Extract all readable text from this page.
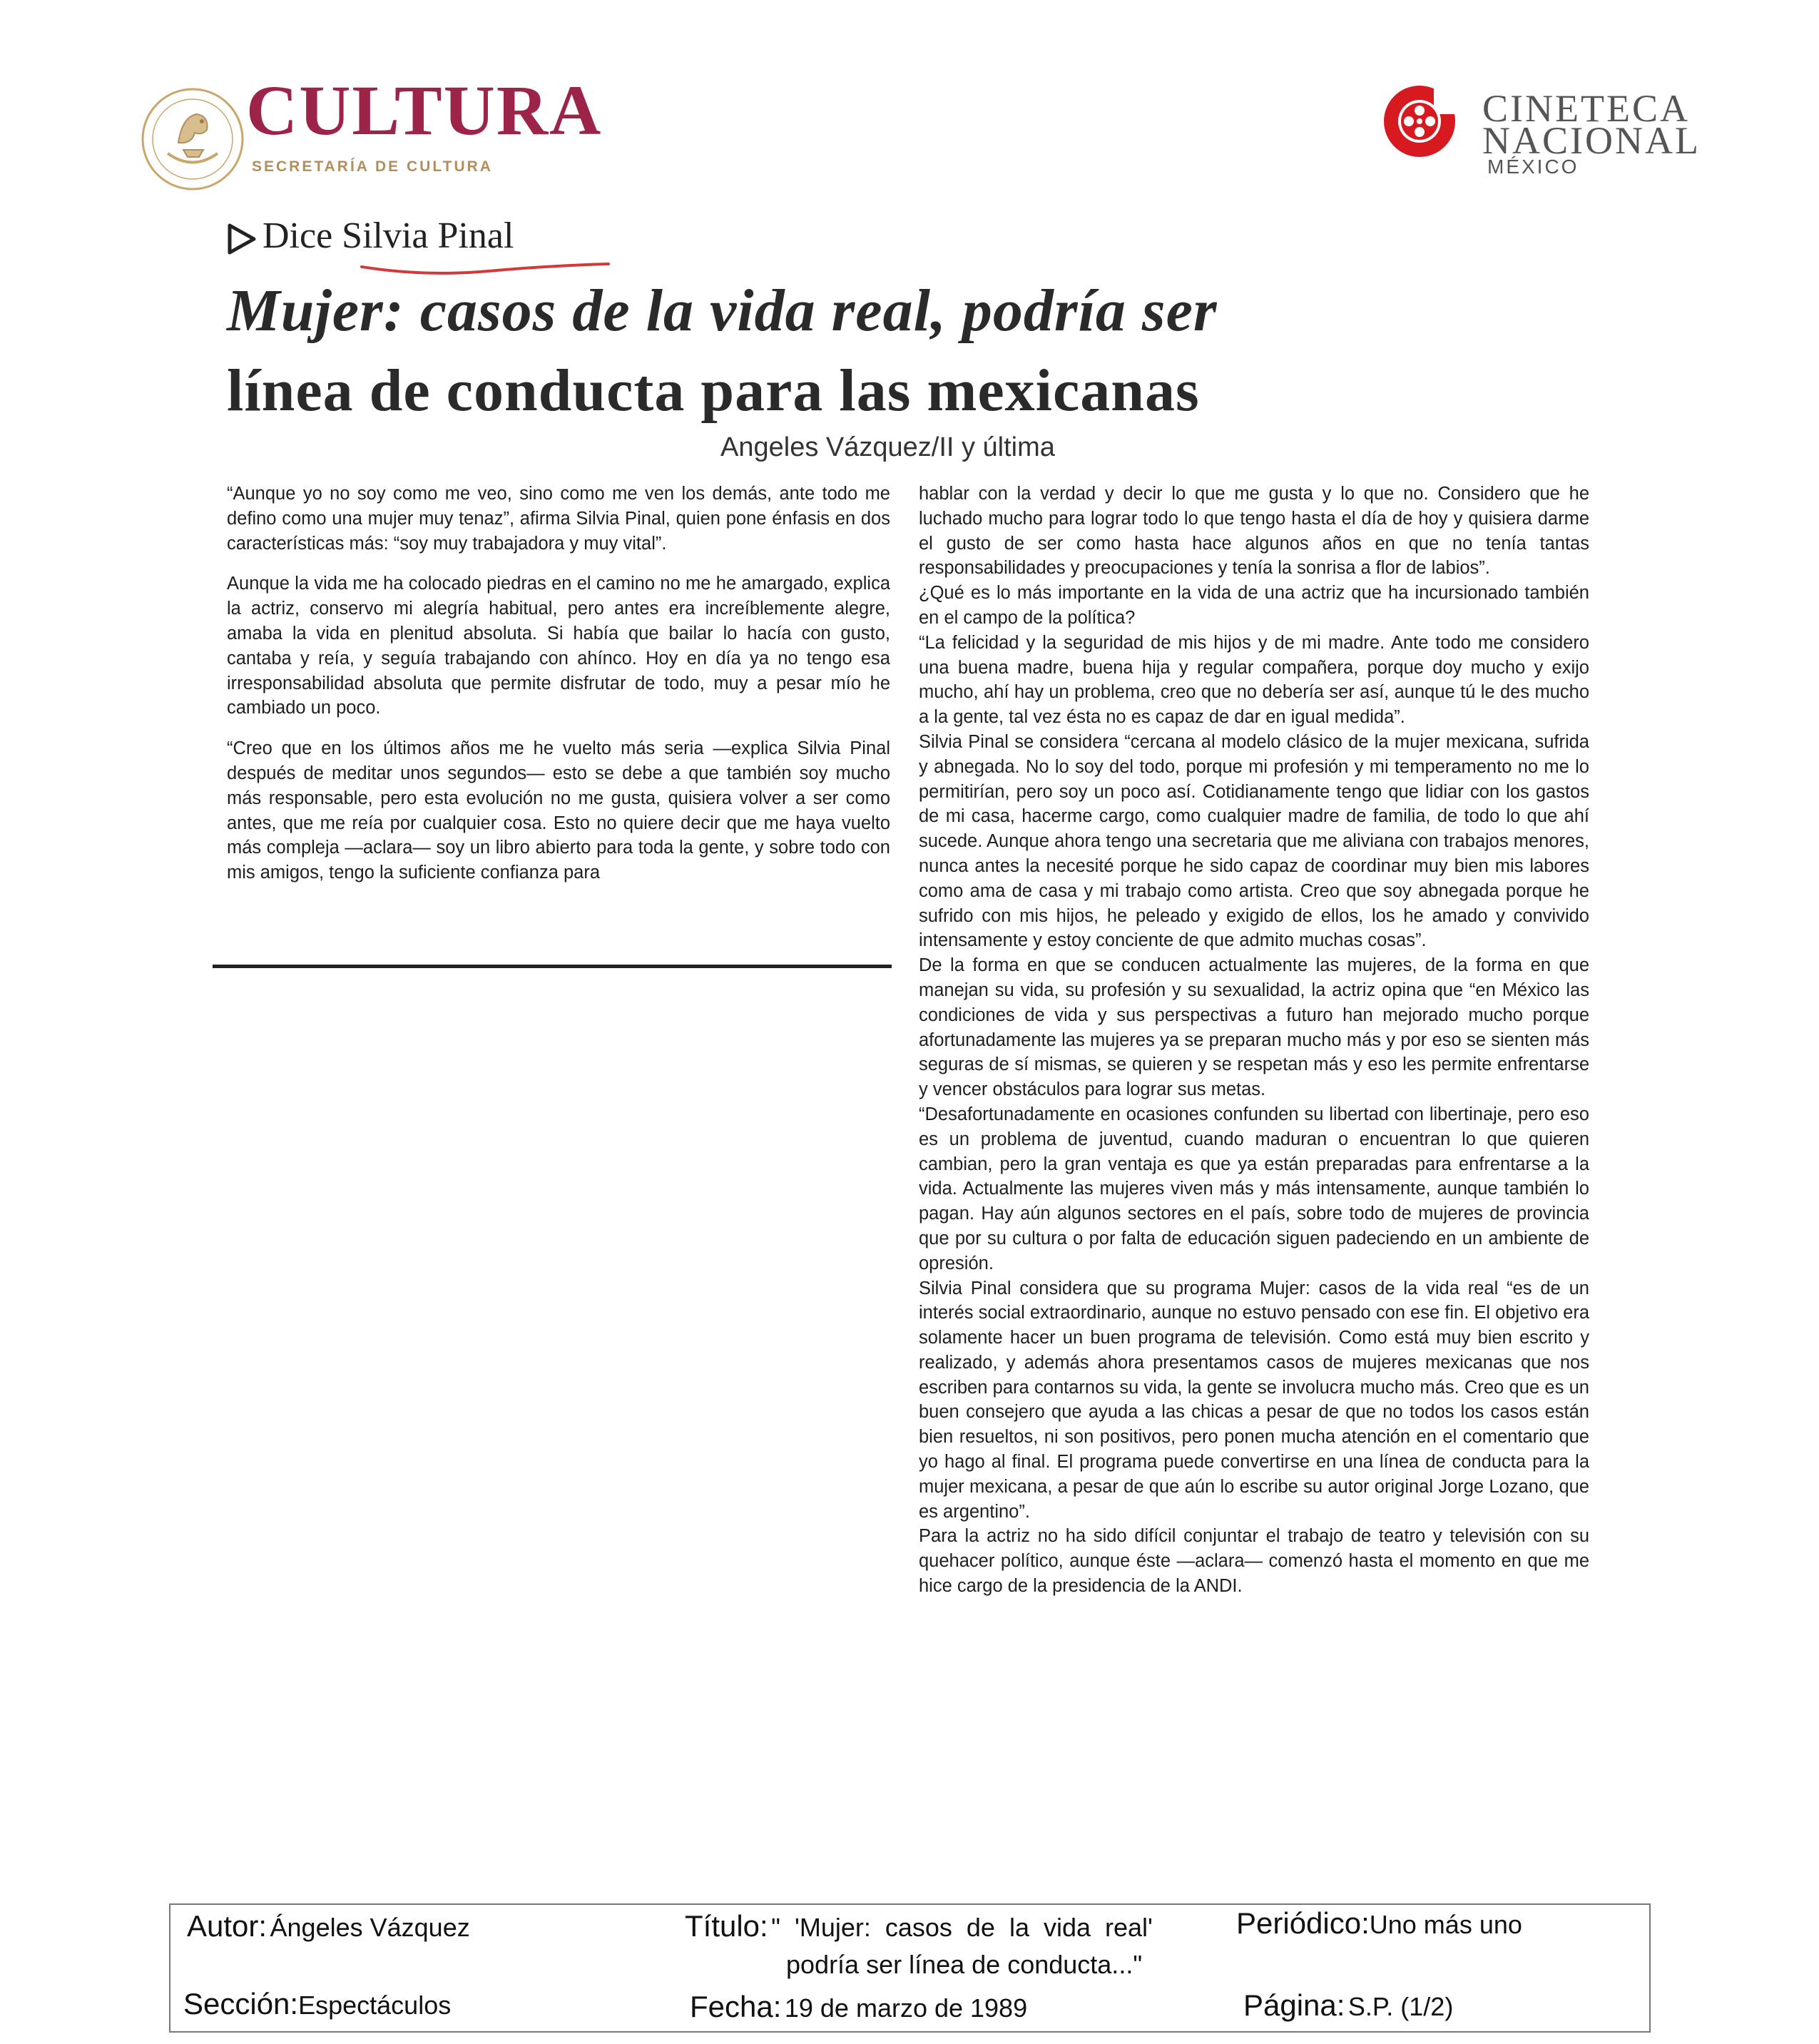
CULTURA
SECRETARÍA DE CULTURA
CINETECA
NACIONAL
MÉXICO
Dice Silvia Pinal
Mujer: casos de la vida real, podría ser
línea de conducta para las mexicanas
Angeles Vázquez/II y última

“Aunque yo no soy como me veo, sino como me ven los demás, ante todo me defino como una mujer muy tenaz”, afirma Silvia Pinal, quien pone énfasis en dos características más: “soy muy trabajadora y muy vital”.

Aunque la vida me ha colocado piedras en el camino no me he amargado, explica la actriz, conservo mi alegría habitual, pero antes era increíblemente alegre, amaba la vida en plenitud absoluta. Si había que bailar lo hacía con gusto, cantaba y reía, y seguía trabajando con ahínco. Hoy en día ya no tengo esa irresponsabilidad absoluta que permite disfrutar de todo, muy a pesar mío he cambiado un poco.

“Creo que en los últimos años me he vuelto más seria —explica Silvia Pinal después de meditar unos segundos— esto se debe a que también soy mucho más responsable, pero esta evolución no me gusta, quisiera volver a ser como antes, que me reía por cualquier cosa. Esto no quiere decir que me haya vuelto más compleja —aclara— soy un libro abierto para toda la gente, y sobre todo con mis amigos, tengo la suficiente confianza para

hablar con la verdad y decir lo que me gusta y lo que no. Considero que he luchado mucho para lograr todo lo que tengo hasta el día de hoy y quisiera darme el gusto de ser como hasta hace algunos años en que no tenía tantas responsabilidades y preocupaciones y tenía la sonrisa a flor de labios”.

¿Qué es lo más importante en la vida de una actriz que ha incursionado también en el campo de la política?

“La felicidad y la seguridad de mis hijos y de mi madre. Ante todo me considero una buena madre, buena hija y regular compañera, porque doy mucho y exijo mucho, ahí hay un problema, creo que no debería ser así, aunque tú le des mucho a la gente, tal vez ésta no es capaz de dar en igual medida”.

Silvia Pinal se considera “cercana al modelo clásico de la mujer mexicana, sufrida y abnegada. No lo soy del todo, porque mi profesión y mi temperamento no me lo permitirían, pero soy un poco así. Cotidianamente tengo que lidiar con los gastos de mi casa, hacerme cargo, como cualquier madre de familia, de todo lo que ahí sucede. Aunque ahora tengo una secretaria que me aliviana con trabajos menores, nunca antes la necesité porque he sido capaz de coordinar muy bien mis labores como ama de casa y mi trabajo como artista. Creo que soy abnegada porque he sufrido con mis hijos, he peleado y exigido de ellos, los he amado y convivido intensamente y estoy conciente de que admito muchas cosas”.

De la forma en que se conducen actualmente las mujeres, de la forma en que manejan su vida, su profesión y su sexualidad, la actriz opina que “en México las condiciones de vida y sus perspectivas a futuro han mejorado mucho porque afortunadamente las mujeres ya se preparan mucho más y por eso se sienten más seguras de sí mismas, se quieren y se respetan más y eso les permite enfrentarse y vencer obstáculos para lograr sus metas.

“Desafortunadamente en ocasiones confunden su libertad con libertinaje, pero eso es un problema de juventud, cuando maduran o encuentran lo que quieren cambian, pero la gran ventaja es que ya están preparadas para enfrentarse a la vida. Actualmente las mujeres viven más y más intensamente, aunque también lo pagan. Hay aún algunos sectores en el país, sobre todo de mujeres de provincia que por su cultura o por falta de educación siguen padeciendo en un ambiente de opresión.

Silvia Pinal considera que su programa Mujer: casos de la vida real “es de un interés social extraordinario, aunque no estuvo pensado con ese fin. El objetivo era solamente hacer un buen programa de televisión. Como está muy bien escrito y realizado, y además ahora presentamos casos de mujeres mexicanas que nos escriben para contarnos su vida, la gente se involucra mucho más. Creo que es un buen consejero que ayuda a las chicas a pesar de que no todos los casos están bien resueltos, ni son positivos, pero ponen mucha atención en el comentario que yo hago al final. El programa puede convertirse en una línea de conducta para la mujer mexicana, a pesar de que aún lo escribe su autor original Jorge Lozano, que es argentino”.

Para la actriz no ha sido difícil conjuntar el trabajo de teatro y televisión con su quehacer político, aunque éste —aclara— comenzó hasta el momento en que me hice cargo de la presidencia de la ANDI.

Autor: Ángeles Vázquez	Título: "  'Mujer:  casos  de  la  vida  real'
podría ser línea de conducta..."
Periódico:Uno más uno
Sección:Espectáculos	Fecha: 19 de marzo de 1989	Página: S.P. (1/2)
